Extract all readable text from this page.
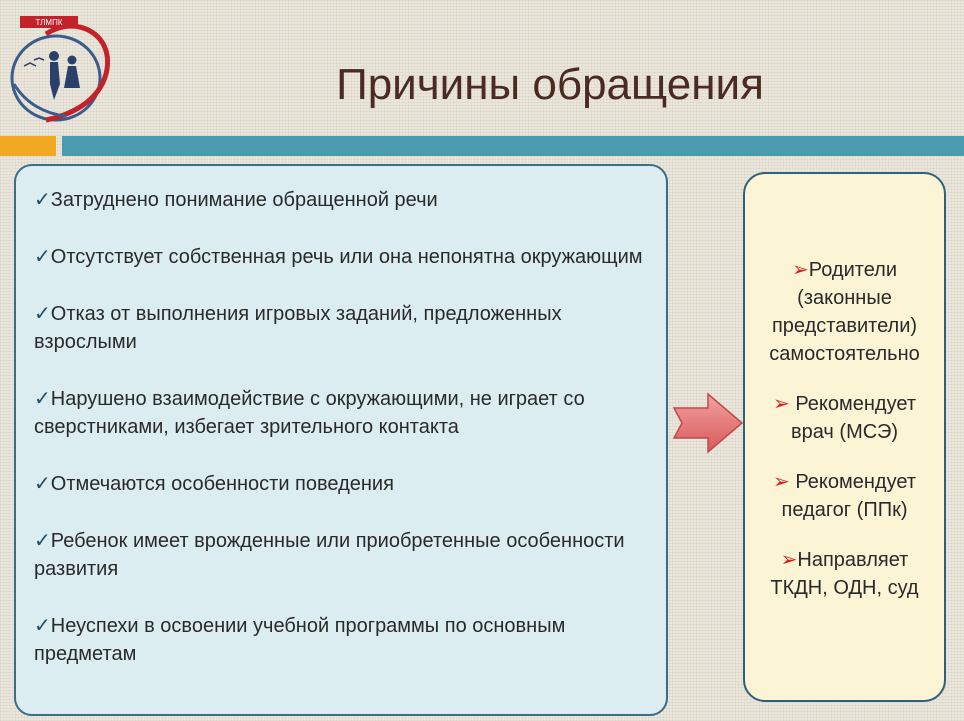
ТЛМПК
Причины обращения
✓Затруднено понимание обращенной речи
✓Отсутствует собственная речь или она непонятна окружающим
✓Отказ от выполнения игровых заданий, предложенных взрослыми
✓Нарушено взаимодействие с окружающими, не играет со сверстниками, избегает зрительного контакта
✓Отмечаются особенности поведения
✓Ребенок имеет врожденные или приобретенные особенности развития
✓Неуспехи в освоении учебной программы по основным предметам
➢Родители (законные представители) самостоятельно
➢ Рекомендует врач (МСЭ)
➢ Рекомендует педагог (ППк)
➢Направляет ТКДН, ОДН, суд
